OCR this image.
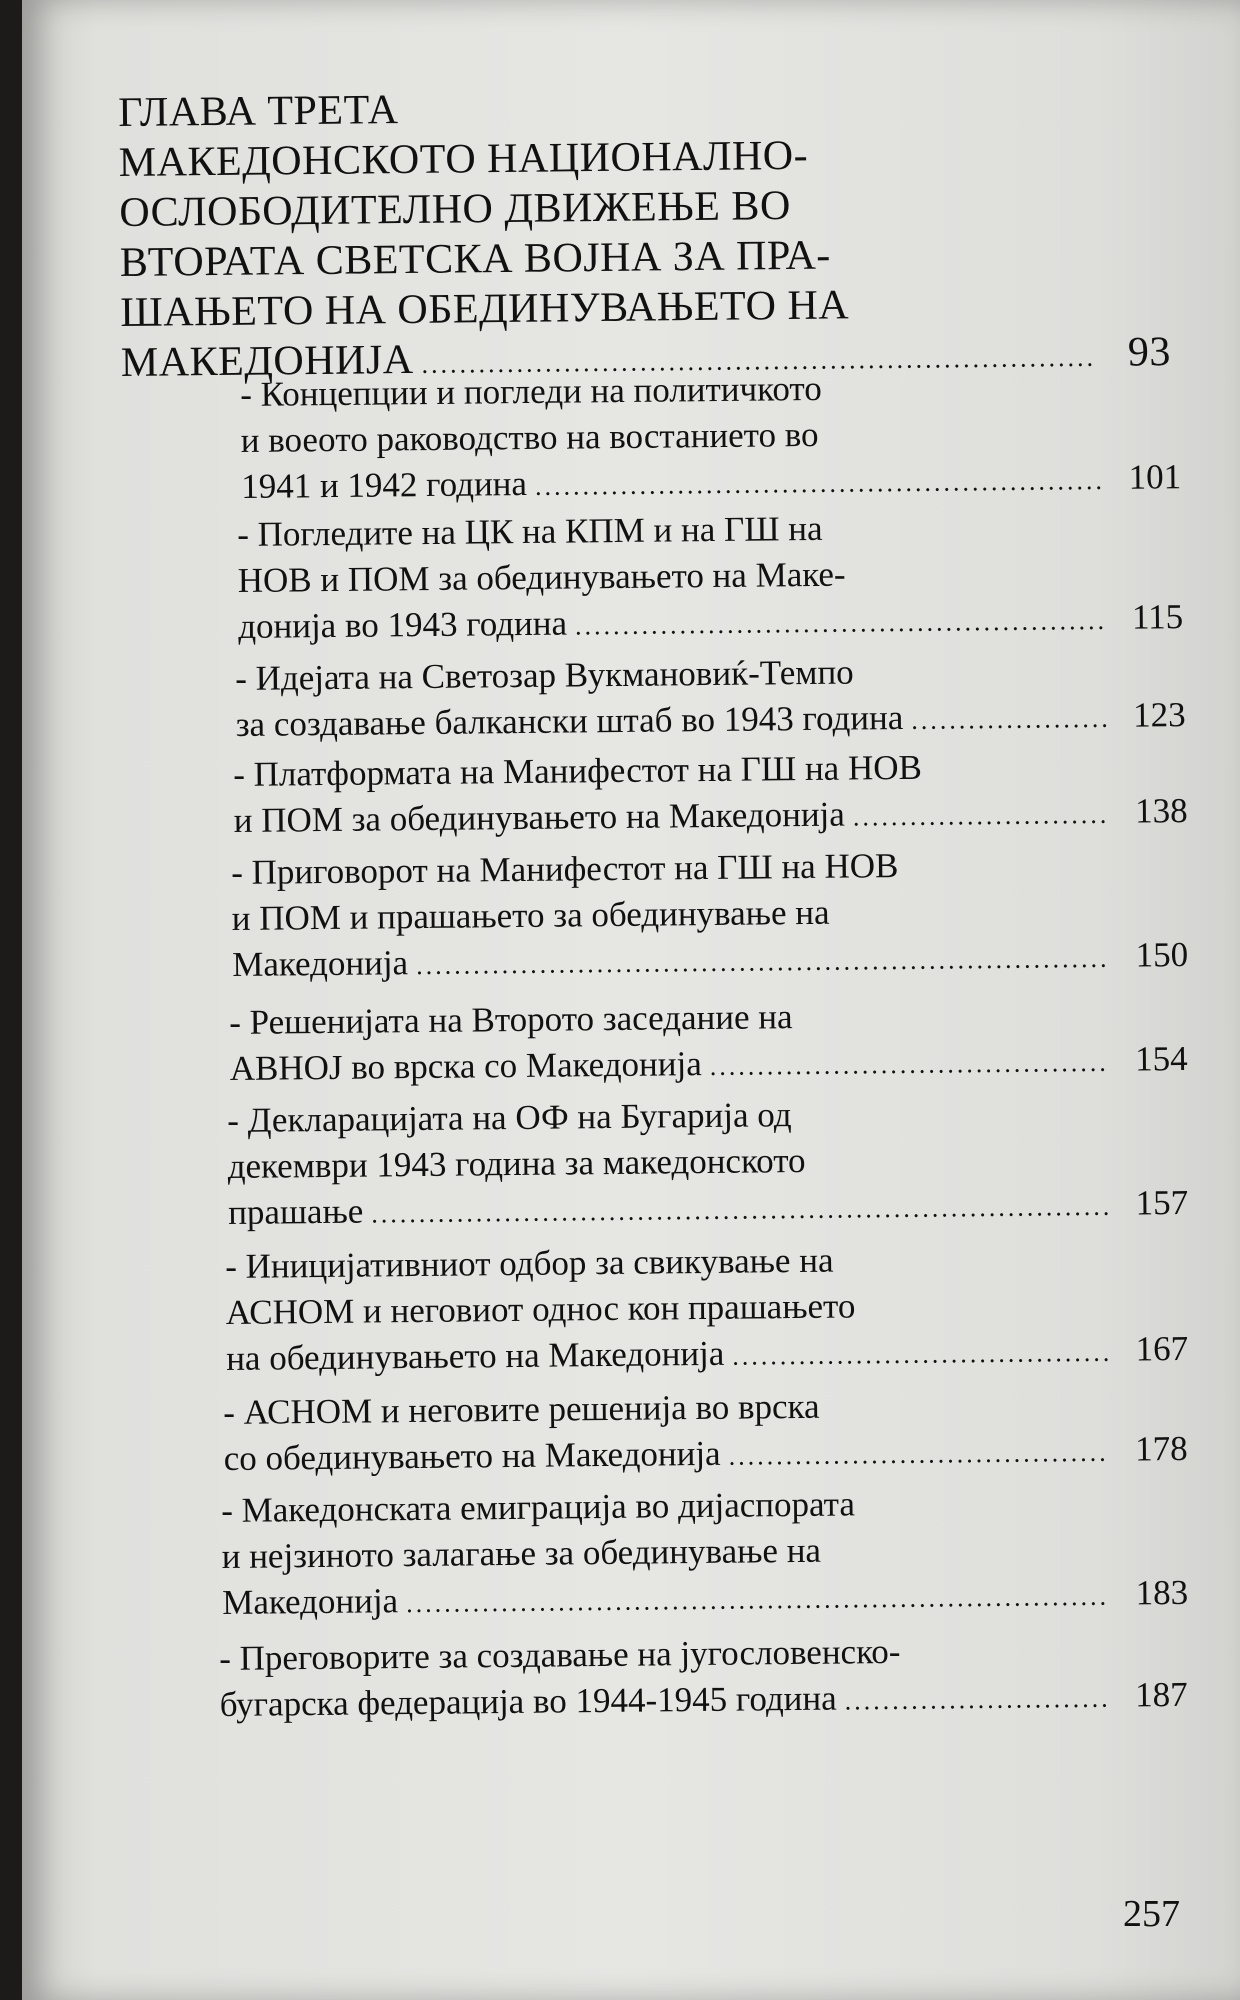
ГЛАВА ТРЕТА
МАКЕДОНСКОТО НАЦИОНАЛНО-
ОСЛОБОДИТЕЛНО ДВИЖЕЊЕ ВО
ВТОРАТА СВЕТСКА ВОЈНА ЗА ПРА-
ШАЊЕТО НА ОБЕДИНУВАЊЕТО НА
МАКЕДОНИЈА .....	93
- Концепции и погледи на политичкото
и воеoто раководство на востанието во
1941 и 1942 година .....	101
- Погледите на ЦК на КПМ и на ГШ на
НОВ и ПОМ за обединувањето на Маке-
донија во 1943 година .....	115
- Идејата на Светозар Вукмановиќ-Темпо
за создавање балкански штаб во 1943 година .....	123
- Платформата на Манифестот на ГШ на НОВ
и ПОМ за обединувањето на Македонија .....	138
- Приговорот на Манифестот на ГШ на НОВ
и ПОМ и прашањето за обединување на
Македонија .....	150
- Решенијата на Второто заседание на
АВНОЈ во врска со Македонија .....	154
- Декларацијата на ОФ на Бугарија од
декември 1943 година за македонското
прашање .....	157
- Иницијативниот одбор за свикување на
АСНОМ и неговиот однос кон прашањето
на обединувањето на Македонија .....	167
- АСНОМ и неговите решенија во врска
со обединувањето на Македонија .....	178
- Македонската емиграција во дијаспората
и нејзиното залагање за обединување на
Македонија .....	183
- Преговорите за создавање на југословенско-
бугарска федерација во 1944-1945 година .....	187
257
